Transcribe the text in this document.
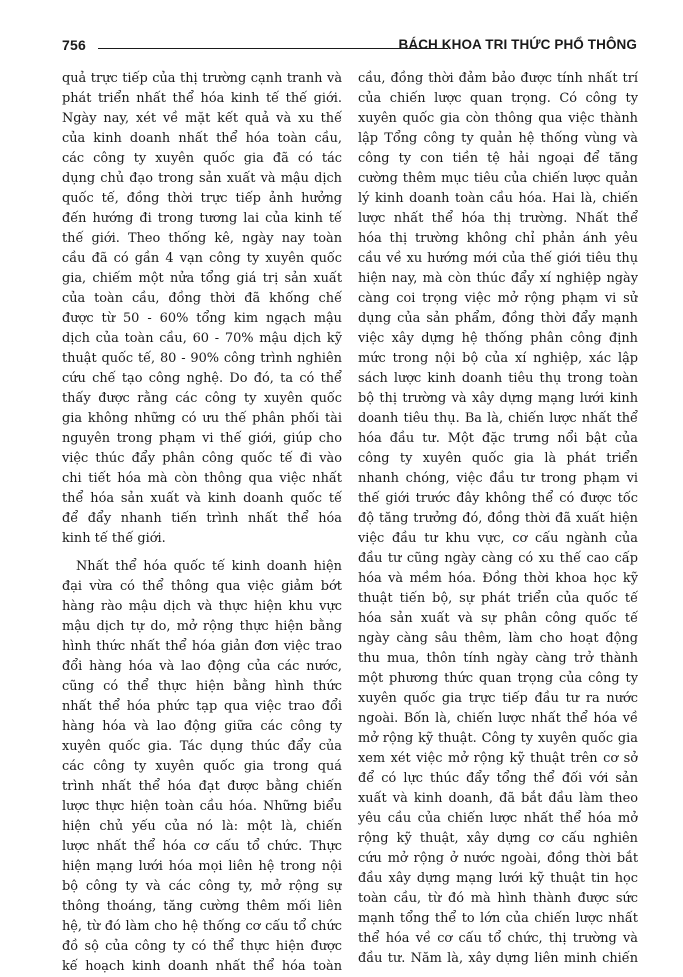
756	BÁCH KHOA TRI THỨC PHỔ THÔNG
quả trực tiếp của thị trường cạnh tranh và
phát triển nhất thể hóa kinh tế thế giới.
Ngày nay, xét về mặt kết quả và xu thế
của kinh doanh nhất thể hóa toàn cầu,
các công ty xuyên quốc gia đã có tác
dụng chủ đạo trong sản xuất và mậu dịch
quốc tế, đồng thời trực tiếp ảnh hưởng
đến hướng đi trong tương lai của kinh tế
thế giới. Theo thống kê, ngày nay toàn
cầu đã có gần 4 vạn công ty xuyên quốc
gia, chiếm một nửa tổng giá trị sản xuất
của toàn cầu, đồng thời đã khống chế
được từ 50 - 60% tổng kim ngạch mậu
dịch của toàn cầu, 60 - 70% mậu dịch kỹ
thuật quốc tế, 80 - 90% công trình nghiên
cứu chế tạo công nghệ. Do đó, ta có thể
thấy được rằng các công ty xuyên quốc
gia không những có ưu thế phân phối tài
nguyên trong phạm vi thế giới, giúp cho
việc thúc đẩy phân công quốc tế đi vào
chi tiết hóa mà còn thông qua việc nhất
thể hóa sản xuất và kinh doanh quốc tế
để đẩy nhanh tiến trình nhất thể hóa
kinh tế thế giới.
Nhất thể hóa quốc tế kinh doanh hiện
đại vừa có thể thông qua việc giảm bớt
hàng rào mậu dịch và thực hiện khu vực
mậu dịch tự do, mở rộng thực hiện bằng
hình thức nhất thể hóa giản đơn việc trao
đổi hàng hóa và lao động của các nước,
cũng có thể thực hiện bằng hình thức
nhất thể hóa phức tạp qua việc trao đổi
hàng hóa và lao động giữa các công ty
xuyên quốc gia. Tác dụng thúc đẩy của
các công ty xuyên quốc gia trong quá
trình nhất thể hóa đạt được bằng chiến
lược thực hiện toàn cầu hóa. Những biểu
hiện chủ yếu của nó là: một là, chiến
lược nhất thể hóa cơ cấu tổ chức. Thực
hiện mạng lưới hóa mọi liên hệ trong nội
bộ công ty và các công ty, mở rộng sự
thông thoáng, tăng cường thêm mối liên
hệ, từ đó làm cho hệ thống cơ cấu tổ chức
đồ sộ của công ty có thể thực hiện được
kế hoạch kinh doanh nhất thể hóa toàn
cầu, đồng thời đảm bảo được tính nhất trí
của chiến lược quan trọng. Có công ty
xuyên quốc gia còn thông qua việc thành
lập Tổng công ty quản hệ thống vùng và
công ty con tiền tệ hải ngoại để tăng
cường thêm mục tiêu của chiến lược quản
lý kinh doanh toàn cầu hóa. Hai là, chiến
lược nhất thể hóa thị trường. Nhất thể
hóa thị trường không chỉ phản ánh yêu
cầu về xu hướng mới của thế giới tiêu thụ
hiện nay, mà còn thúc đẩy xí nghiệp ngày
càng coi trọng việc mở rộng phạm vi sử
dụng của sản phẩm, đồng thời đẩy mạnh
việc xây dựng hệ thống phân công định
mức trong nội bộ của xí nghiệp, xác lập
sách lược kinh doanh tiêu thụ trong toàn
bộ thị trường và xây dựng mạng lưới kinh
doanh tiêu thụ. Ba là, chiến lược nhất thể
hóa đầu tư. Một đặc trưng nổi bật của
công ty xuyên quốc gia là phát triển
nhanh chóng, việc đầu tư trong phạm vi
thế giới trước đây không thể có được tốc
độ tăng trưởng đó, đồng thời đã xuất hiện
việc đầu tư khu vực, cơ cấu ngành của
đầu tư cũng ngày càng có xu thế cao cấp
hóa và mềm hóa. Đồng thời khoa học kỹ
thuật tiến bộ, sự phát triển của quốc tế
hóa sản xuất và sự phân công quốc tế
ngày càng sâu thêm, làm cho hoạt động
thu mua, thôn tính ngày càng trở thành
một phương thức quan trọng của công ty
xuyên quốc gia trực tiếp đầu tư ra nước
ngoài. Bốn là, chiến lược nhất thể hóa về
mở rộng kỹ thuật. Công ty xuyên quốc gia
xem xét việc mở rộng kỹ thuật trên cơ sở
để có lực thúc đẩy tổng thể đối với sản
xuất và kinh doanh, đã bắt đầu làm theo
yêu cầu của chiến lược nhất thể hóa mở
rộng kỹ thuật, xây dựng cơ cấu nghiên
cứu mở rộng ở nước ngoài, đồng thời bắt
đầu xây dựng mạng lưới kỹ thuật tin học
toàn cầu, từ đó mà hình thành được sức
mạnh tổng thể to lớn của chiến lược nhất
thể hóa về cơ cấu tổ chức, thị trường và
đầu tư. Năm là, xây dựng liên minh chiến
